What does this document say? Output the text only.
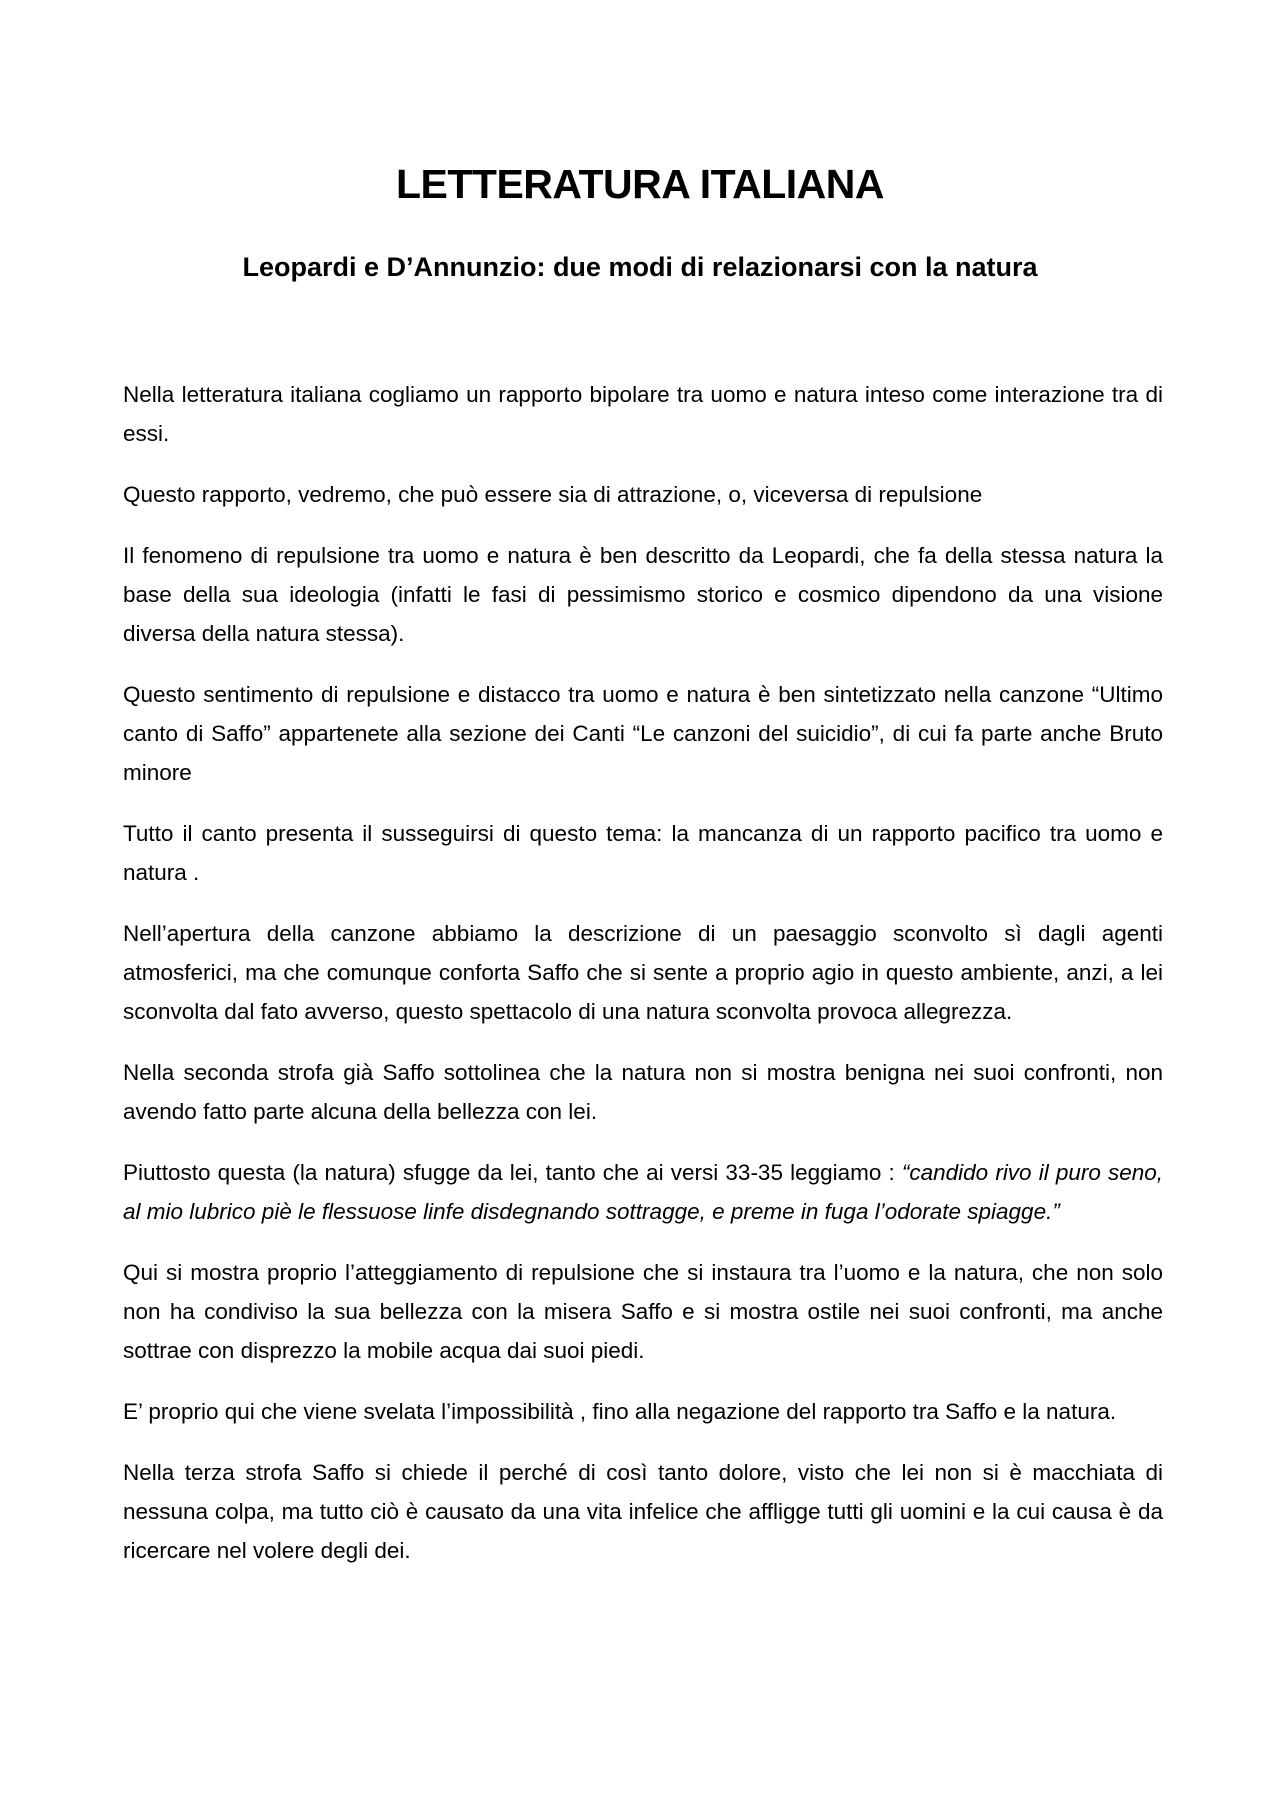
LETTERATURA ITALIANA
Leopardi e D’Annunzio: due modi di relazionarsi con la natura

Nella letteratura italiana cogliamo un rapporto bipolare tra uomo e natura inteso come interazione tra di essi.

Questo rapporto, vedremo, che può essere sia di attrazione, o, viceversa di repulsione

Il fenomeno di repulsione tra uomo e natura è ben descritto da Leopardi, che fa della stessa natura la base della sua ideologia (infatti le fasi di pessimismo storico e cosmico dipendono da una visione diversa della natura stessa).

Questo sentimento di repulsione e distacco tra uomo e natura è ben sintetizzato nella canzone “Ultimo canto di Saffo” appartenete alla sezione dei Canti “Le canzoni del suicidio”, di cui fa parte anche Bruto minore

Tutto il canto presenta il susseguirsi di questo tema: la mancanza di un rapporto pacifico tra uomo e natura .

Nell’apertura della canzone abbiamo la descrizione di un paesaggio sconvolto sì dagli agenti atmosferici, ma che comunque conforta Saffo che si sente a proprio agio in questo ambiente, anzi, a lei sconvolta dal fato avverso, questo spettacolo di una natura sconvolta provoca allegrezza.

Nella seconda strofa già Saffo sottolinea che la natura non si mostra benigna nei suoi confronti, non avendo fatto parte alcuna della bellezza con lei.

Piuttosto questa (la natura) sfugge da lei, tanto che ai versi 33-35 leggiamo : “candido rivo il puro seno, al mio lubrico piè le flessuose linfe disdegnando sottragge, e preme in fuga l’odorate spiagge.”

Qui si mostra proprio l’atteggiamento di repulsione che si instaura tra l’uomo e la natura, che non solo non ha condiviso la sua bellezza con la misera Saffo e si mostra ostile nei suoi confronti, ma anche sottrae con disprezzo la mobile acqua dai suoi piedi.

E’ proprio qui che viene svelata l’impossibilità , fino alla negazione del rapporto tra Saffo e la natura.

Nella terza strofa Saffo si chiede il perché di così tanto dolore, visto che lei non si è macchiata di nessuna colpa, ma tutto ciò è causato da una vita infelice che affligge tutti gli uomini e la cui causa è da ricercare nel volere degli dei.
